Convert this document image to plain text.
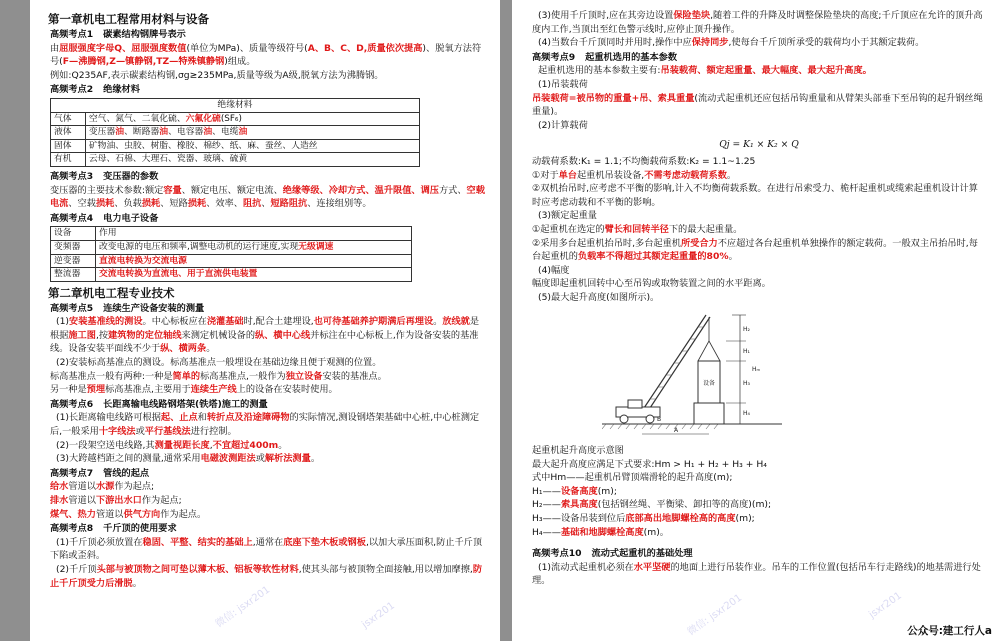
第一章机电工程常用材料与设备
高频考点1 碳素结构钢牌号表示
由屈服强度字母Q、屈服强度数值(单位为MPa)、质量等级符号(A、B、C、D,质量依次提高)、脱氧方法符号(F—沸腾钢,Z—镇静钢,TZ—特殊镇静钢)组成。
例如:Q235AF,表示碳素结构钢,σg≥235MPa,质量等级为A级,脱氧方法为沸腾钢。
高频考点2 绝缘材料
绝缘材料	
气体	空气、氮气、二氧化硫、六氟化硫(SF₆)
液体	变压器油、断路器油、电容器油、电缆油
固体	矿物油、虫胶、树脂、橡胶、棉纱、纸、麻、蚕丝、人造丝
有机	云母、石棉、大理石、瓷器、玻璃、硫黄
高频考点3 变压器的参数
变压器的主要技术参数:额定容量、额定电压、额定电流、绝缘等级、冷却方式、温升限值、调压方式、空载电流、空载损耗、负载损耗、短路损耗、效率、阻抗、短路阻抗、连接组别等。
高频考点4 电力电子设备
设备	作用
变频器	改变电源的电压和频率,调整电动机的运行速度,实现无级调速
逆变器	直流电转换为交流电源
整流器	交流电转换为直流电、用于直流供电装置
第二章机电工程专业技术
高频考点5 连续生产设备安装的测量
(1)安装基准线的测设。中心标板应在浇灌基础时,配合土建埋设,也可待基础养护期满后再埋设。放线就是根据施工图,按建筑物的定位轴线来测定机械设备的纵、横中心线并标注在中心标板上,作为设备安装的基准线。设备安装平面线不少于纵、横两条。
(2)安装标高基准点的测设。标高基准点一般埋设在基础边缘且便于观测的位置。
标高基准点一般有两种:一种是简单的标高基准点,一般作为独立设备安装的基准点。
另一种是预埋标高基准点,主要用于连续生产线上的设备在安装时使用。
高频考点6 长距离输电线路钢塔架(铁塔)施工的测量
(1)长距离输电线路可根据起、止点和转折点及沿途障碍物的实际情况,测设钢塔架基础中心桩,中心桩测定后,一般采用十字线法或平行基线法进行控制。
(2)一段架空送电线路,其测量视距长度,不宜超过400m。
(3)大跨越档距之间的测量,通常采用电磁波测距法或解析法测量。
高频考点7 管线的起点
给水管道以水源作为起点;
排水管道以下游出水口作为起点;
煤气、热力管道以供气方向作为起点。
高频考点8 千斤顶的使用要求
(1)千斤顶必须放置在稳固、平整、结实的基础上,通常在底座下垫木板或钢板,以加大承压面积,防止千斤顶下陷或歪斜。
(2)千斤顶头部与被顶物之间可垫以薄木板、铝板等软性材料,使其头部与被顶物全面接触,用以增加摩擦,防止千斤顶受力后滑脱。
微信: jsxr201	jsxr201
(3)使用千斤顶时,应在其旁边设置保险垫块,随着工件的升降及时调整保险垫块的高度;千斤顶应在允许的顶升高度内工作,当顶出至红色警示线时,应停止顶升操作。
(4)当数台千斤顶同时并用时,操作中应保持同步,使每台千斤顶所承受的载荷均小于其额定载荷。
高频考点9 起重机选用的基本参数
起重机选用的基本参数主要有:吊装载荷、额定起重量、最大幅度、最大起升高度。
(1)吊装载荷
吊装载荷=被吊物的重量+吊、索具重量(流动式起重机还应包括吊钩重量和从臂架头部垂下至吊钩的起升钢丝绳重量)。
(2)计算载荷
Qj = K₁ × K₂ × Q
动载荷系数:K₁ = 1.1;不均衡载荷系数:K₂ = 1.1~1.25
①对于单台起重机吊装设备,不需考虑动载荷系数。
②双机抬吊时,应考虑不平衡的影响,计入不均衡荷载系数。在进行吊索受力、桅杆起重机或缆索起重机设计计算时应考虑动载和不平衡的影响。
(3)额定起重量
①起重机在选定的臂长和回转半径下的最大起重量。
②采用多台起重机抬吊时,多台起重机所受合力不应超过各台起重机单独操作的额定载荷。一般双主吊抬吊时,每台起重机的负载率不得超过其额定起重量的80%。
(4)幅度
幅度即起重机回转中心至吊钩或取物装置之间的水平距离。
(5)最大起升高度(如图所示)。
设备
H₂
H₁
H₃
H₄
Hₘ
A
B
起重机起升高度示意图
最大起升高度应满足下式要求:Hm > H₁ + H₂ + H₃ + H₄
式中Hm——起重机吊臂顶端滑轮的起升高度(m);
H₁——设备高度(m);
H₂——索具高度(包括钢丝绳、平衡梁、卸扣等的高度)(m);
H₃——设备吊装到位后底部高出地脚螺栓高的高度(m);
H₄——基础和地脚螺栓高度(m)。
高频考点10 流动式起重机的基础处理
(1)流动式起重机必须在水平坚硬的地面上进行吊装作业。吊车的工作位置(包括吊车行走路线)的地基需进行处理。
微信: jsxr201	jsxr201
公众号:建工行人a
